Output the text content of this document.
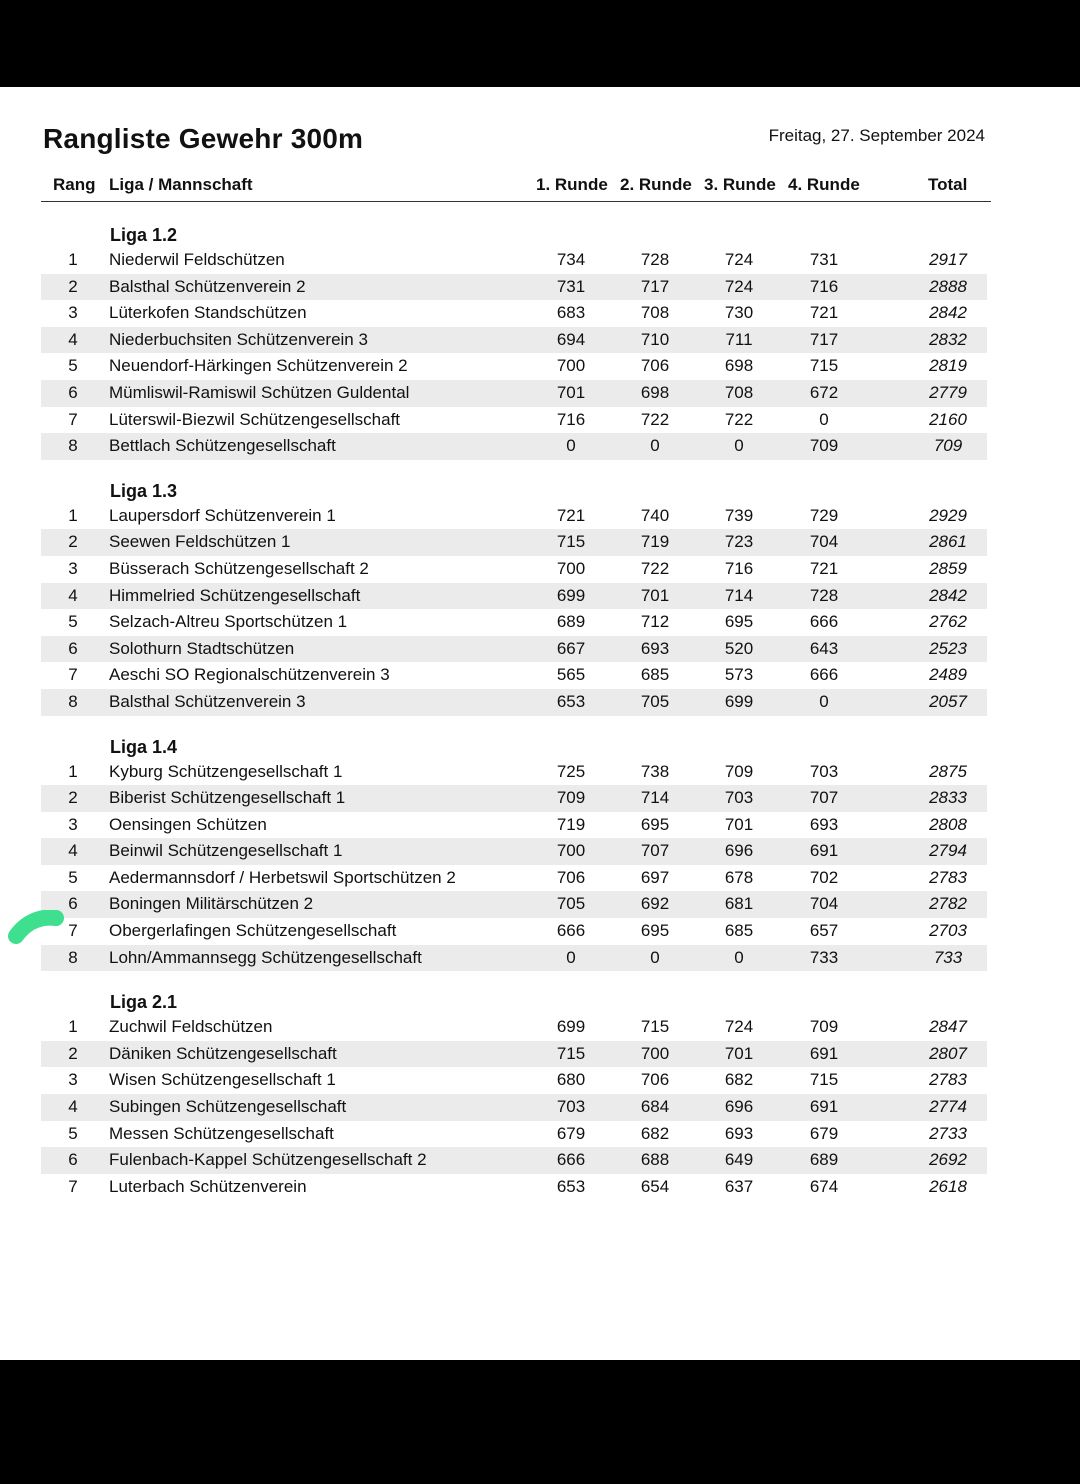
Rangliste Gewehr 300m	Freitag, 27. September 2024
Rang Liga / Mannschaft	1. Runde 2. Runde 3. Runde 4. Runde	Total
Liga 1.2
1	Niederwil Feldschützen	734	728	724	731	2917
2	Balsthal Schützenverein 2	731	717	724	716	2888
3	Lüterkofen Standschützen	683	708	730	721	2842
4	Niederbuchsiten Schützenverein 3	694	710	711	717	2832
5	Neuendorf-Härkingen Schützenverein 2	700	706	698	715	2819
6	Mümliswil-Ramiswil Schützen Guldental	701	698	708	672	2779
7	Lüterswil-Biezwil Schützengesellschaft	716	722	722	0	2160
8	Bettlach Schützengesellschaft	0	0	0	709	709
Liga 1.3
1	Laupersdorf Schützenverein 1	721	740	739	729	2929
2	Seewen Feldschützen 1	715	719	723	704	2861
3	Büsserach Schützengesellschaft 2	700	722	716	721	2859
4	Himmelried Schützengesellschaft	699	701	714	728	2842
5	Selzach-Altreu Sportschützen 1	689	712	695	666	2762
6	Solothurn Stadtschützen	667	693	520	643	2523
7	Aeschi SO Regionalschützenverein 3	565	685	573	666	2489
8	Balsthal Schützenverein 3	653	705	699	0	2057
Liga 1.4
1	Kyburg Schützengesellschaft 1	725	738	709	703	2875
2	Biberist Schützengesellschaft 1	709	714	703	707	2833
3	Oensingen Schützen	719	695	701	693	2808
4	Beinwil Schützengesellschaft 1	700	707	696	691	2794
5	Aedermannsdorf / Herbetswil Sportschützen 2	706	697	678	702	2783
6	Boningen Militärschützen 2	705	692	681	704	2782
7	Obergerlafingen Schützengesellschaft	666	695	685	657	2703
8	Lohn/Ammannsegg Schützengesellschaft	0	0	0	733	733
Liga 2.1
1	Zuchwil Feldschützen	699	715	724	709	2847
2	Däniken Schützengesellschaft	715	700	701	691	2807
3	Wisen Schützengesellschaft 1	680	706	682	715	2783
4	Subingen Schützengesellschaft	703	684	696	691	2774
5	Messen Schützengesellschaft	679	682	693	679	2733
6	Fulenbach-Kappel Schützengesellschaft 2	666	688	649	689	2692
7	Luterbach Schützenverein	653	654	637	674	2618
